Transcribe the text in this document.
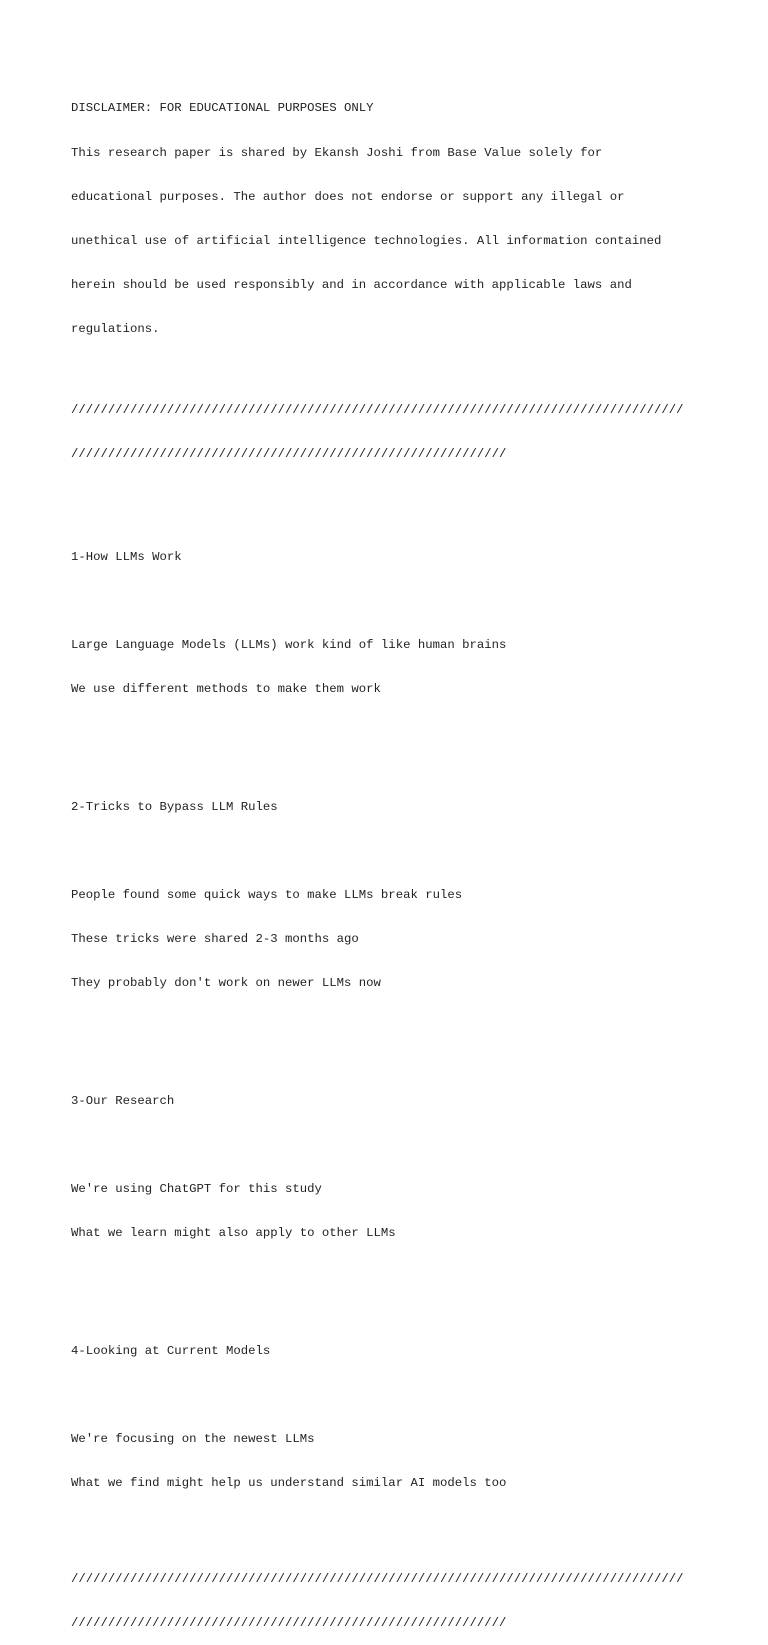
DISCLAIMER: FOR EDUCATIONAL PURPOSES ONLY

This research paper is shared by Ekansh Joshi from Base Value solely for

educational purposes. The author does not endorse or support any illegal or

unethical use of artificial intelligence technologies. All information contained

herein should be used responsibly and in accordance with applicable laws and

regulations.

///////////////////////////////////////////////////////////////////////////////////

///////////////////////////////////////////////////////////

1-How LLMs Work

Large Language Models (LLMs) work kind of like human brains

We use different methods to make them work

2-Tricks to Bypass LLM Rules

People found some quick ways to make LLMs break rules

These tricks were shared 2-3 months ago

They probably don't work on newer LLMs now

3-Our Research

We're using ChatGPT for this study

What we learn might also apply to other LLMs

4-Looking at Current Models

We're focusing on the newest LLMs

What we find might help us understand similar AI models too

///////////////////////////////////////////////////////////////////////////////////

///////////////////////////////////////////////////////////
